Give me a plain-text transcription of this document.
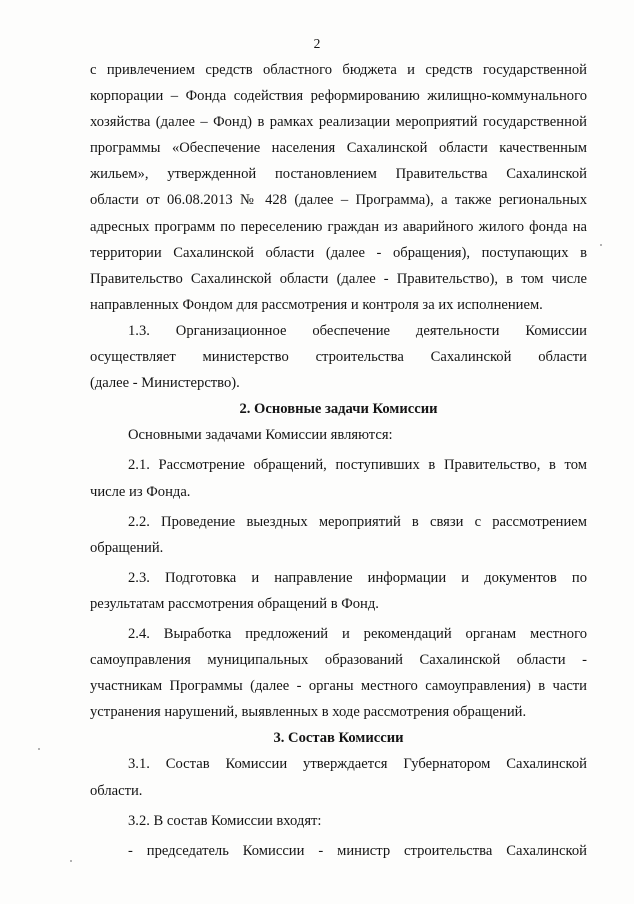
2
с привлечением средств областного бюджета и средств государственной
корпорации – Фонда содействия реформированию жилищно-коммунального
хозяйства (далее – Фонд) в рамках реализации мероприятий государственной
программы «Обеспечение населения Сахалинской области качественным
жильем», утвержденной постановлением Правительства Сахалинской
области от 06.08.2013 № 428 (далее – Программа), а также региональных
адресных программ по переселению граждан из аварийного жилого фонда на
территории Сахалинской области (далее - обращения), поступающих в
Правительство Сахалинской области (далее - Правительство), в том числе
направленных Фондом для рассмотрения и контроля за их исполнением.
1.3. Организационное обеспечение деятельности Комиссии
осуществляет министерство строительства Сахалинской области
(далее - Министерство).
2. Основные задачи Комиссии
Основными задачами Комиссии являются:
2.1. Рассмотрение обращений, поступивших в Правительство, в том
числе из Фонда.
2.2. Проведение выездных мероприятий в связи с рассмотрением
обращений.
2.3. Подготовка и направление информации и документов по
результатам рассмотрения обращений в Фонд.
2.4. Выработка предложений и рекомендаций органам местного
самоуправления муниципальных образований Сахалинской области -
участникам Программы (далее - органы местного самоуправления) в части
устранения нарушений, выявленных в ходе рассмотрения обращений.
3. Состав Комиссии
3.1. Состав Комиссии утверждается Губернатором Сахалинской
области.
3.2. В состав Комиссии входят:
- председатель Комиссии - министр строительства Сахалинской
